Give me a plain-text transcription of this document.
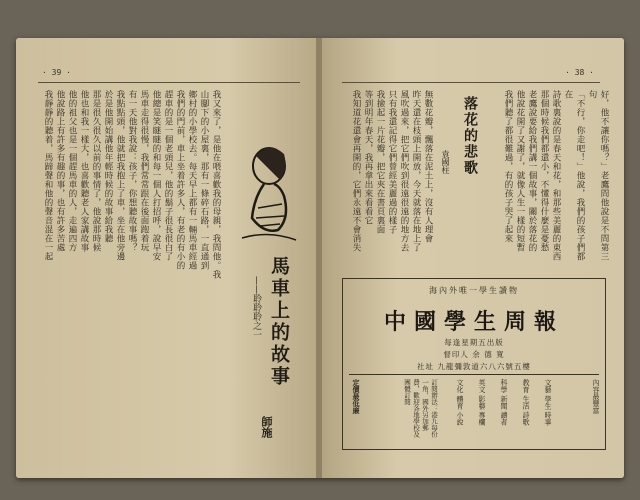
· 39 ·
我又來了，是他在喂喜歡我的母親，我問他。我
山腳下的小屋裏，那有一條碎石路，一直通到
鄉村的小學校去。每天早上都有一輛馬車經過
我們的門前，車上坐着許多人，有老的有小的
趕車的是一個老頭兒，他的鬍子很長很白了
他總是笑瞇瞇的和每一個人打招呼，說早安
馬車走得很慢，我們常常跟在後面跑着玩
有一天他對我說：孩子，你想聽故事嗎？
我點點頭，他就把我抱上了車，坐在他旁邊
於是他開始講他年輕時候的故事給我聽
那是很久很久以前的事情了，他說那時候
他也和我一樣大，也喜歡聽老人家講故事
他的祖父也是一個趕馬車的人，走遍四方
他說路上有許多有趣的事，也有許多苦處
我靜靜的聽着，馬蹄聲和他的聲音混在一起
馬車上的故事
——聆聆聆之一
師施
· 38 ·
好，他不讓你嗎？」老鷹問他說是不問第三句
「不行，你走吧！」他說，我們的孩子們都在
詩歌裏說的是春天和花，和那些美麗的東西
那個時候我們都還小，不懂得什麼是憂愁
老鷹說要給我們講一個故事，關於落花的
他說花開了又謝了，就像人生一樣的短暫
我們聽了都很難過，有的孩子哭了起來
落花的悲歌
袁國柱
無數花瓣，飄落在泥土上，沒有人理會
昨天還在枝頭上開放，今天就落在地上了
風吹過來，把它們吹到很遠很遠的地方去
只有我還記得它們曾經美麗過的樣子
我撿起一片花瓣，把它夾在書頁裏面
等到明年春天，我再拿出來看看它
我知道花還會再開的，它們永遠不會消失
海內外唯一學生讀物
中國學生周報
每逢星期五出版
督印人 余 德 寬
社址 九龍彌敦道六八六號五樓
內容最豐富
定價最低廉	文藝 學生 時事
教育 生活 詩歌
科學 新聞 讀者
英文 影藝 專欄
文化 體育 小說
訂閱辦法：港九每份一角，國外另加郵費，歡迎各地學校及團體訂閱
